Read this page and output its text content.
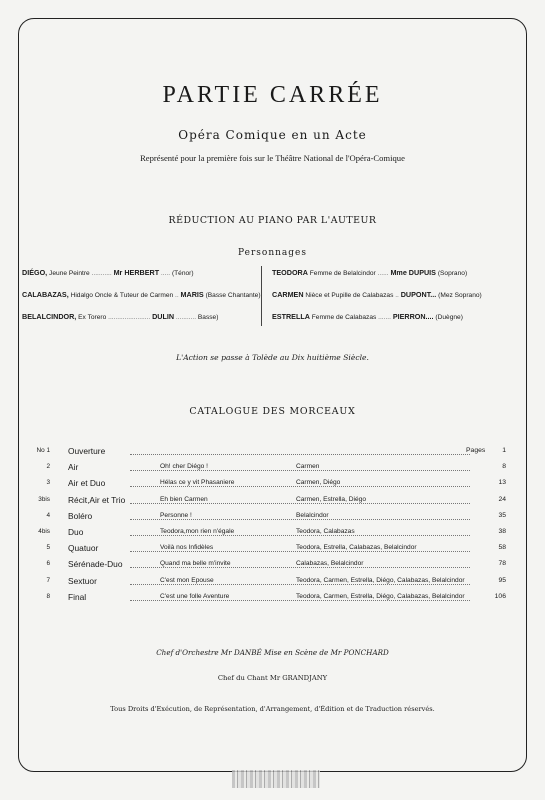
PARTIE CARRÉE
Opéra Comique en un Acte
Représenté pour la première fois sur le Théâtre National de l'Opéra-Comique
RÉDUCTION AU PIANO PAR L'AUTEUR
Personnages
DIÉGO, Jeune Peintre ........... Mr HERBERT ..... (Ténor)
CALABAZAS, Hidalgo Oncle & Tuteur de Carmen .. MARIS (Basse Chantante)
BELALCINDOR, Ex Torero ....................... DULIN ........... Basse)
TEODORA Femme de Belalcindor ...... Mme DUPUIS (Soprano)
CARMEN Nièce et Pupille de Calabazas .. DUPONT... (Mez Soprano)
ESTRELLA Femme de Calabazas ....... PIERRON.... (Duègne)
L'Action se passe à Tolède au Dix huitième Siècle.
CATALOGUE DES MORCEAUX
No 1 Ouverture	Pages	1
2 Air	Oh! cher Diégo !	Carmen	8
3 Air et Duo	Hélas ce y vit Phasaniere	Carmen, Diégo	13
3bis Récit,Air et Trio	Eh bien Carmen	Carmen, Estrella, Diégo	24
4 Boléro	Personne !	Belalcindor	35
4bis Duo	Teodora,mon rien n'égale	Teodora, Calabazas	38
5 Quatuor	Voilà nos Infidèles	Teodora, Estrella, Calabazas, Belalcindor	58
6 Sérénade-Duo	Quand ma belle m'invite	Calabazas, Belalcindor	78
7 Sextuor	C'est mon Epouse	Teodora, Carmen, Estrella, Diégo, Calabazas, Belalcindor	95
8 Final	C'est une folle Aventure	Teodora, Carmen, Estrella, Diégo, Calabazas, Belalcindor	106
Chef d'Orchestre Mr DANBÉ Mise en Scène de Mr PONCHARD
Chef du Chant Mr GRANDJANY
Tous Droits d'Exécution, de Représentation, d'Arrangement, d'Édition et de Traduction réservés.
